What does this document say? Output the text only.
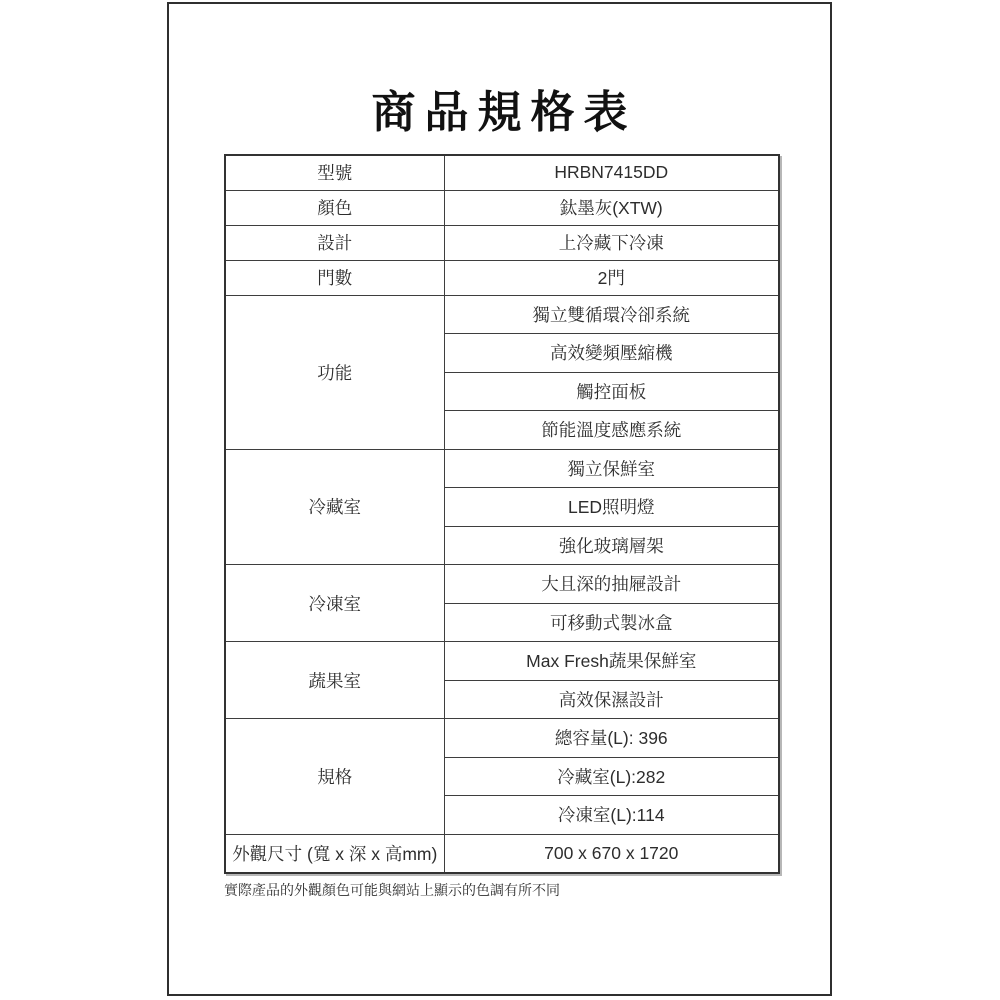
商品規格表
型號	HRBN7415DD
顏色	鈦墨灰(XTW)
設計	上冷藏下冷凍
門數	2門
功能	獨立雙循環冷卻系統
	高效變頻壓縮機
	觸控面板
	節能溫度感應系統
冷藏室	獨立保鮮室
	LED照明燈
	強化玻璃層架
冷凍室	大且深的抽屜設計
	可移動式製冰盒
蔬果室	Max Fresh蔬果保鮮室
	高效保濕設計
規格	總容量(L): 396
	冷藏室(L):282
	冷凍室(L):114
外觀尺寸 (寬 x 深 x 高mm)	700 x 670 x 1720
實際產品的外觀顏色可能與網站上顯示的色調有所不同
